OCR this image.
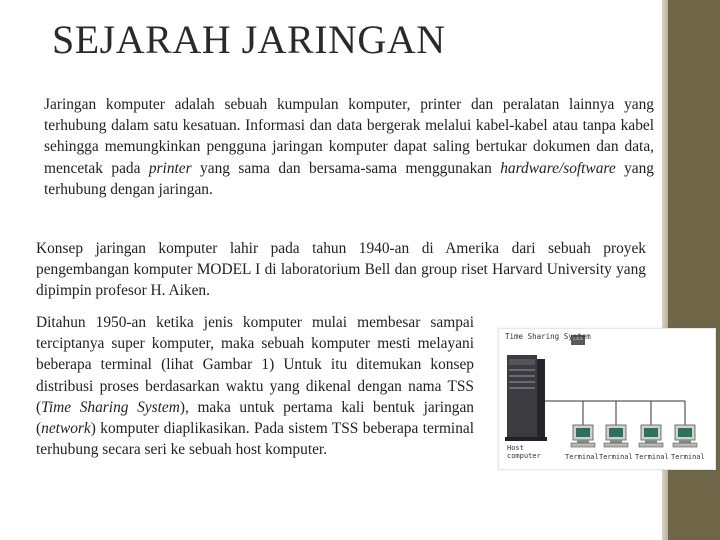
SEJARAH JARINGAN

Jaringan komputer adalah sebuah kumpulan komputer, printer dan peralatan lainnya yang terhubung dalam satu kesatuan. Informasi dan data bergerak melalui kabel-kabel atau tanpa kabel sehingga memungkinkan pengguna jaringan komputer dapat saling bertukar dokumen dan data, mencetak pada printer yang sama dan bersama-sama menggunakan hardware/software yang terhubung dengan jaringan.

Konsep jaringan komputer lahir pada tahun 1940-an di Amerika dari sebuah proyek pengembangan komputer MODEL I di laboratorium Bell dan group riset Harvard University yang dipimpin profesor H. Aiken.

Ditahun 1950-an ketika jenis komputer mulai membesar sampai terciptanya super komputer, maka sebuah komputer mesti melayani beberapa terminal (lihat Gambar 1) Untuk itu ditemukan konsep distribusi proses berdasarkan waktu yang dikenal dengan nama TSS (Time Sharing System), maka untuk pertama kali bentuk jaringan (network) komputer diaplikasikan. Pada sistem TSS beberapa terminal terhubung secara seri ke sebuah host komputer.

Time Sharing System
Host computer	Terminal Terminal Terminal Terminal
